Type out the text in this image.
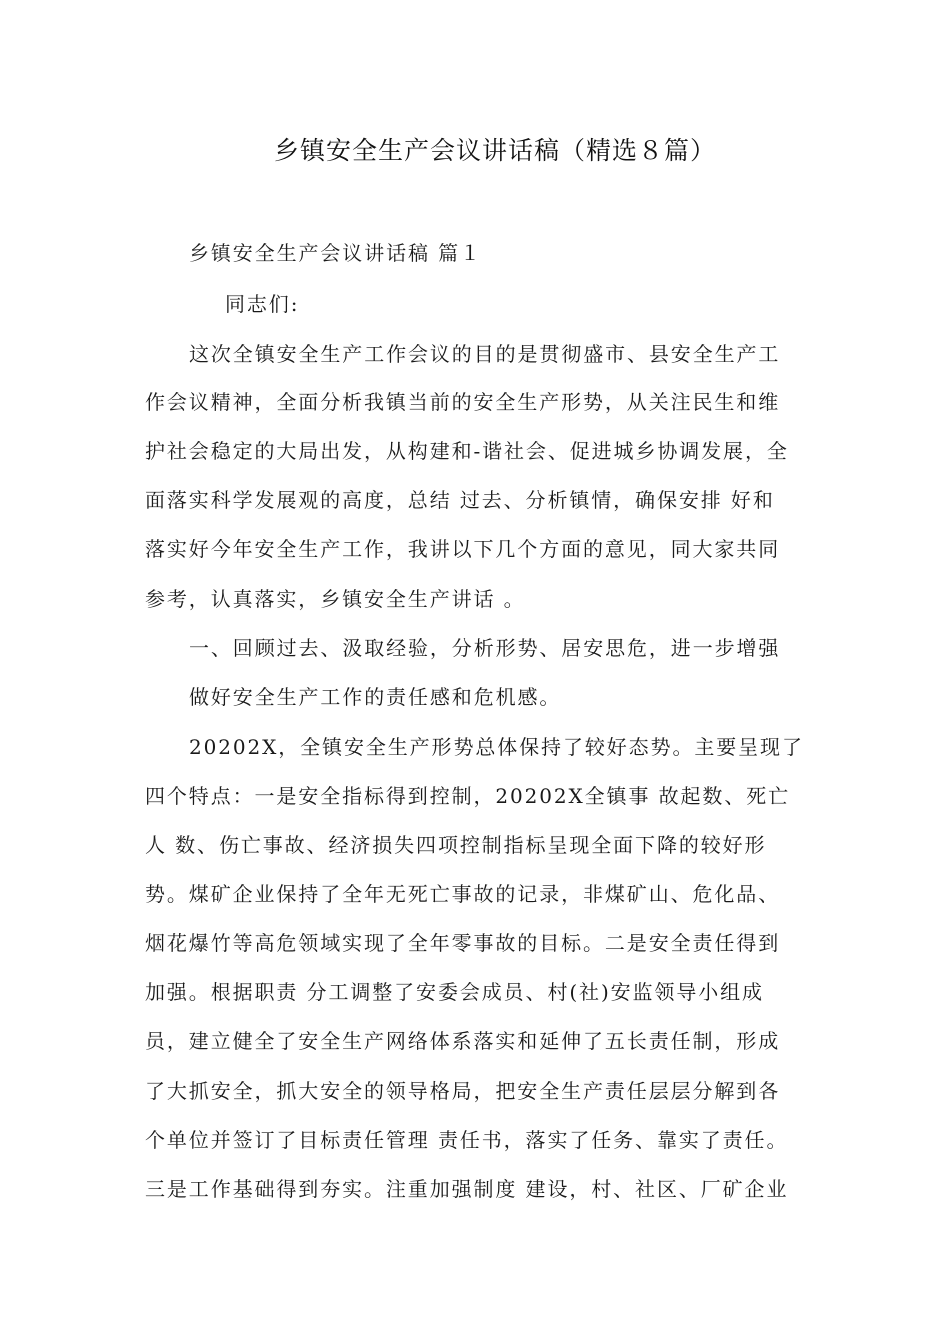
乡镇安全生产会议讲话稿（精选８篇）
乡镇安全生产会议讲话稿 篇１
同志们:
这次全镇安全生产工作会议的目的是贯彻盛市、县安全生产工
作会议精神，全面分析我镇当前的安全生产形势，从关注民生和维
护社会稳定的大局出发，从构建和-谐社会、促进城乡协调发展，全
面落实科学发展观的高度，总结 过去、分析镇情，确保安排 好和
落实好今年安全生产工作，我讲以下几个方面的意见，同大家共同
参考，认真落实，乡镇安全生产讲话 。
一、回顾过去、汲取经验，分析形势、居安思危，进一步增强
做好安全生产工作的责任感和危机感。
20202X，全镇安全生产形势总体保持了较好态势。主要呈现了
四个特点：一是安全指标得到控制，20202X全镇事 故起数、死亡
人 数、伤亡事故、经济损失四项控制指标呈现全面下降的较好形
势。煤矿企业保持了全年无死亡事故的记录，非煤矿山、危化品、
烟花爆竹等高危领域实现了全年零事故的目标。二是安全责任得到
加强。根据职责 分工调整了安委会成员、村(社)安监领导小组成
员，建立健全了安全生产网络体系落实和延伸了五长责任制，形成
了大抓安全，抓大安全的领导格局，把安全生产责任层层分解到各
个单位并签订了目标责任管理 责任书，落实了任务、靠实了责任。
三是工作基础得到夯实。注重加强制度 建设，村、社区、厂矿企业
